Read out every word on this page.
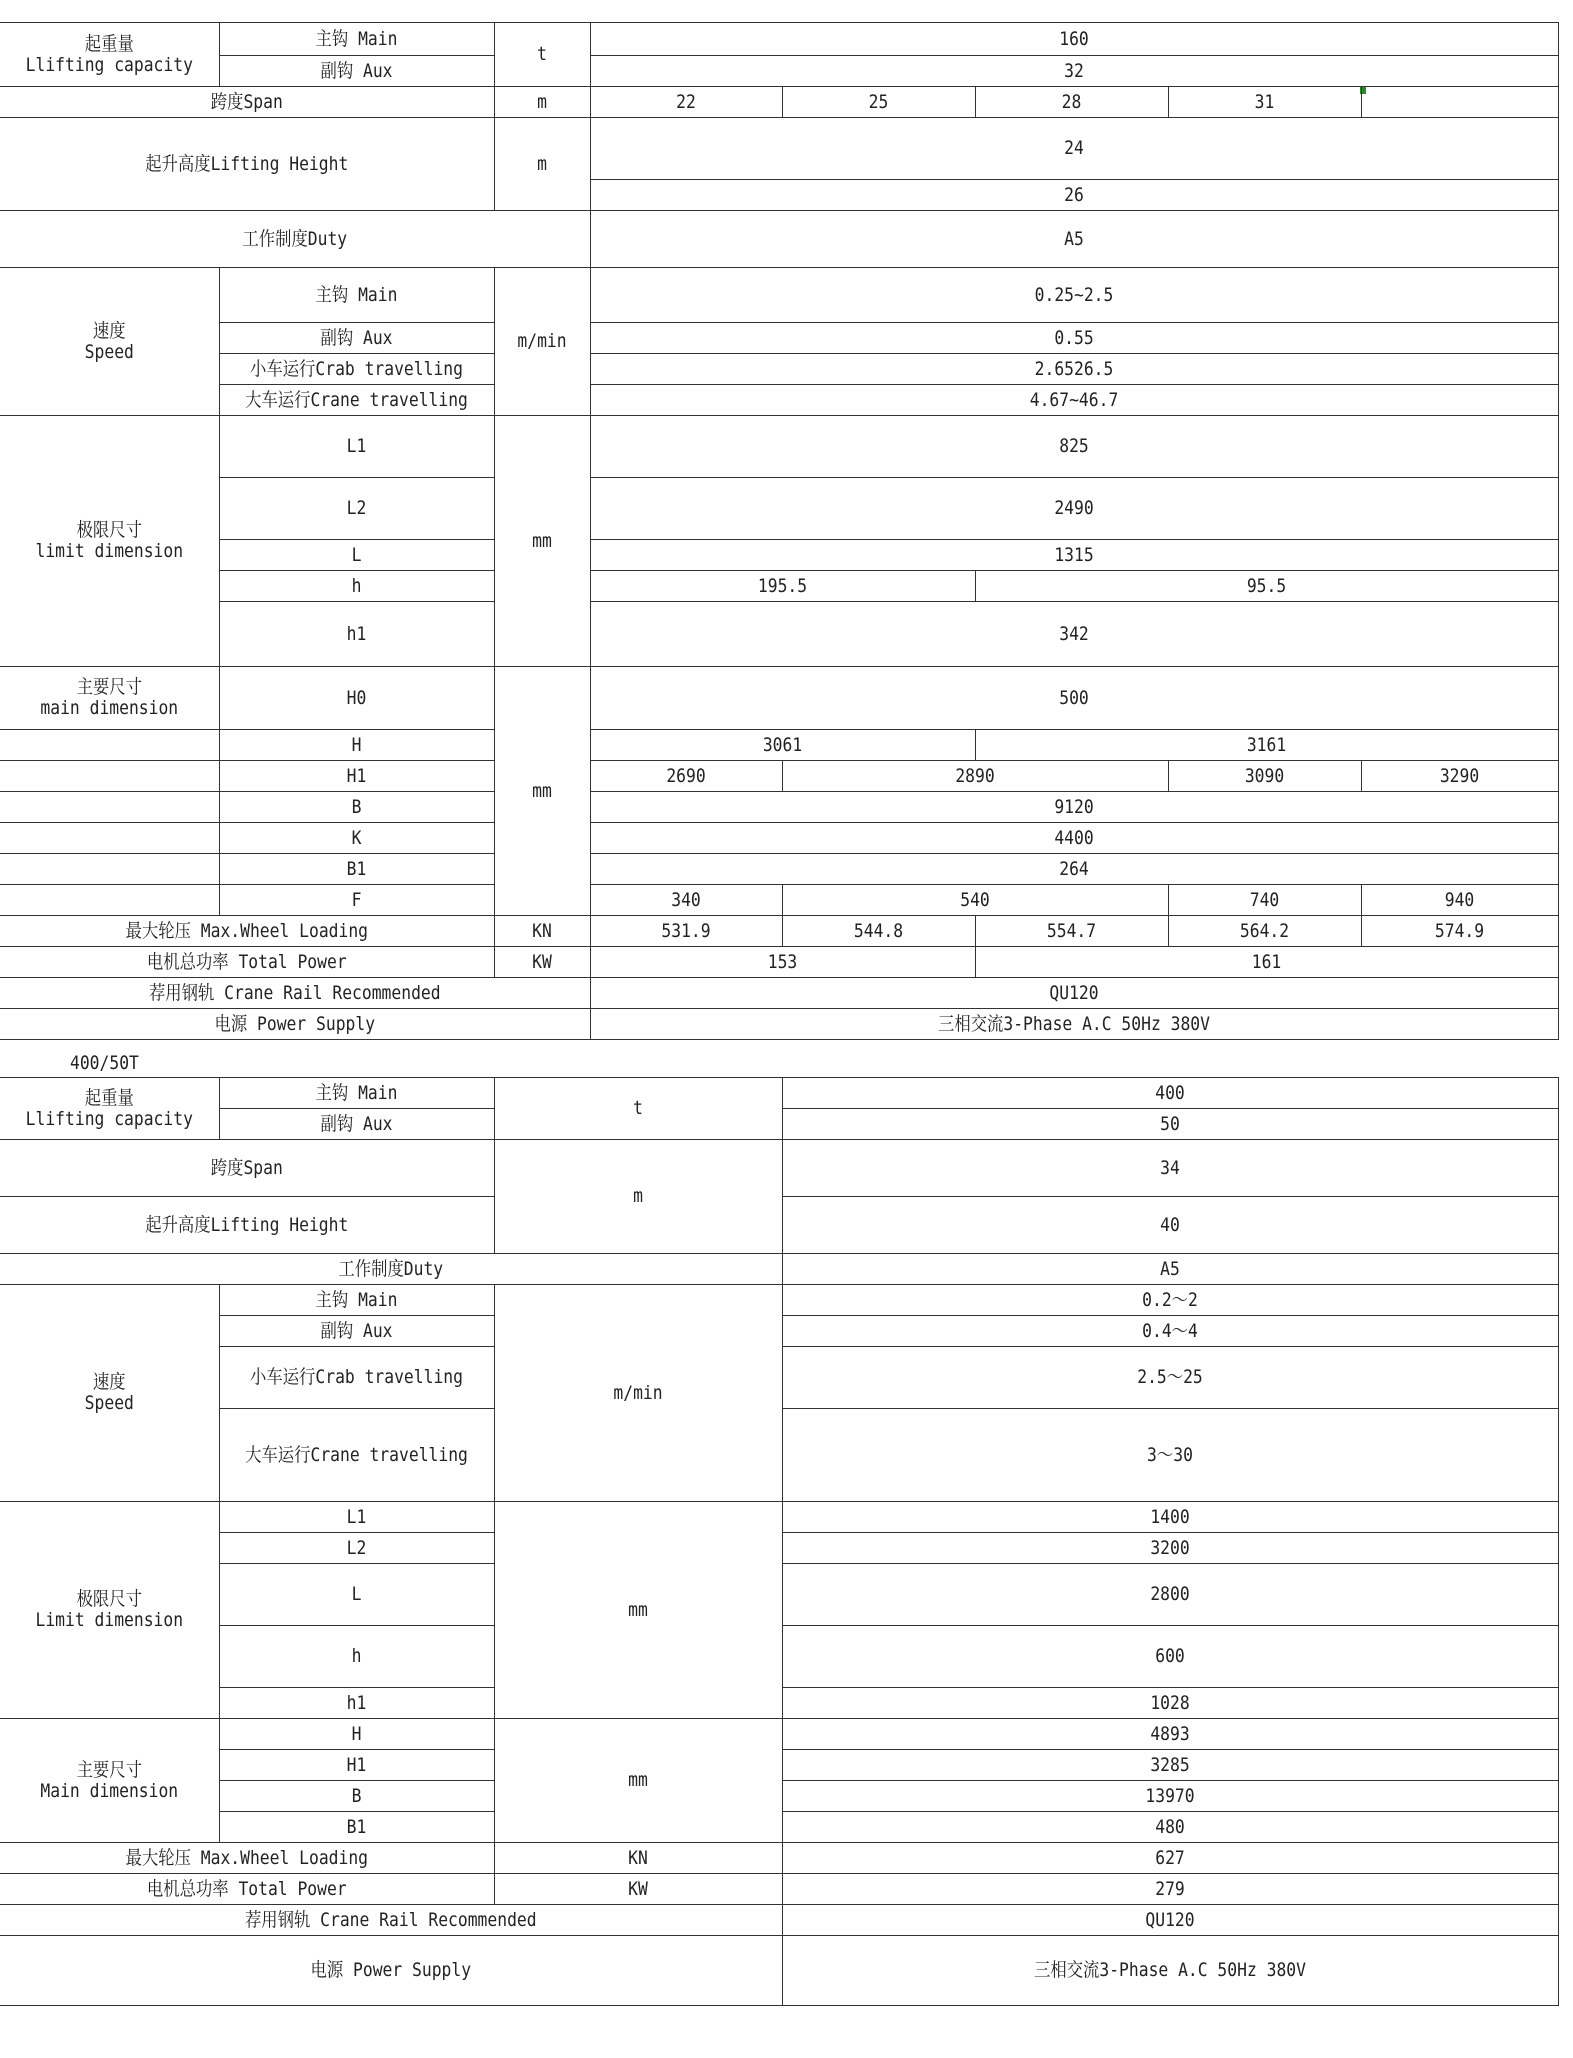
起重量
Llifting capacity	主钩 Main	t	160				
	副钩 Aux		32				
跨度Span		m	22	25	28	31	
起升高度Lifting Height		m	24				
			26				
工作制度Duty			A5				

速度
Speed	主钩 Main	m/min	0.25~2.5				
	副钩 Aux		0.55				
	小车运行Crab travelling		2.6526.5				
	大车运行Crane travelling		4.67~46.7				

极限尺寸
limit dimension	L1	mm	825				
	L2		2490				
	L		1315				
	h		195.5		95.5		
	h1		342				

主要尺寸
main dimension	H0	mm	500				
	H		3061		3161		
	H1		2690	2890		3090	3290
	B		9120				
	K		4400				
	B1		264				
	F		340	540		740	940
最大轮压 Max.Wheel Loading		KN	531.9	544.8	554.7	564.2	574.9
电机总功率 Total Power		KW	153		161		
荐用钢轨 Crane Rail Recommended			QU120				
电源 Power Supply			三相交流3-Phase A.C 50Hz 380V				
400/50T
起重量
Llifting capacity	主钩 Main	t	400
	副钩 Aux		50
跨度Span		m	34
起升高度Lifting Height			40
工作制度Duty			A5

速度
Speed	主钩 Main	m/min	0.2～2
	副钩 Aux		0.4～4
	小车运行Crab travelling		2.5～25
	大车运行Crane travelling		3～30

极限尺寸
Limit dimension	L1	mm	1400
	L2		3200
	L		2800
	h		600
	h1		1028

主要尺寸
Main dimension	H	mm	4893
	H1		3285
	B		13970
	B1		480
最大轮压 Max.Wheel Loading		KN	627
电机总功率 Total Power		KW	279
荐用钢轨 Crane Rail Recommended			QU120
电源 Power Supply			三相交流3-Phase A.C 50Hz 380V
